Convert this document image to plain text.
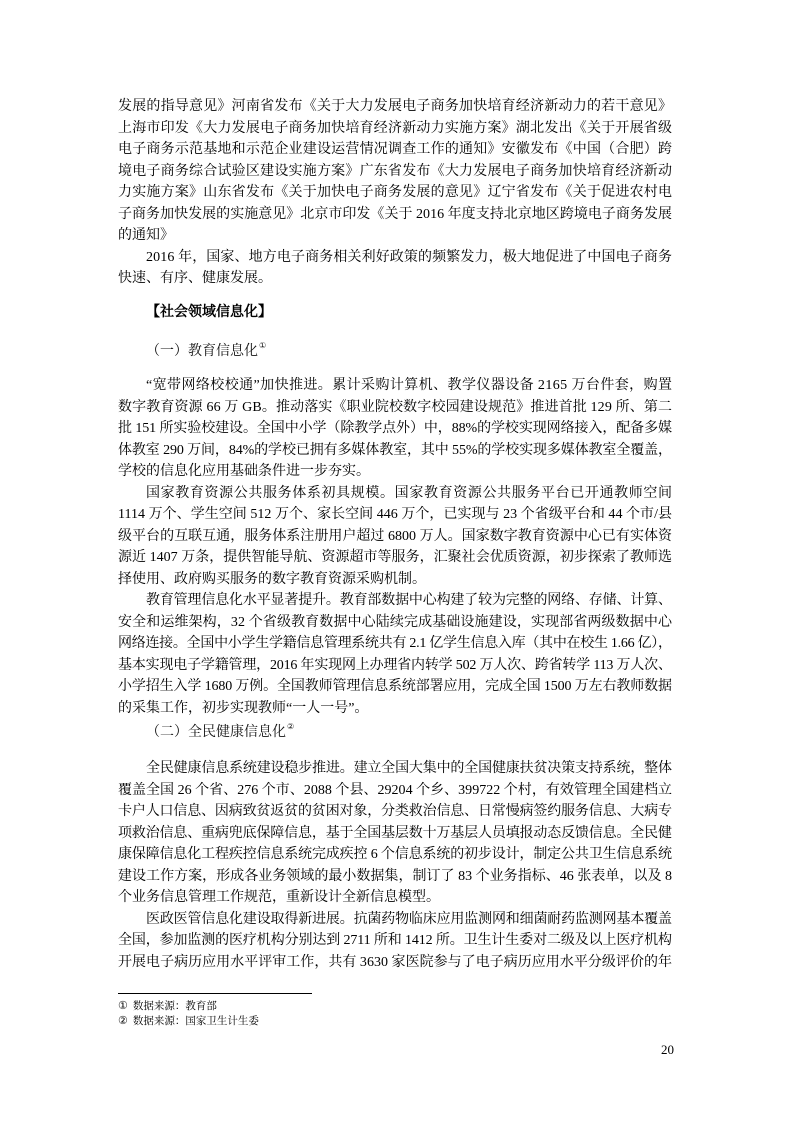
发展的指导意见》河南省发布《关于大力发展电子商务加快培育经济新动力的若干意见》
上海市印发《大力发展电子商务加快培育经济新动力实施方案》湖北发出《关于开展省级
电子商务示范基地和示范企业建设运营情况调查工作的通知》安徽发布《中国（合肥）跨
境电子商务综合试验区建设实施方案》广东省发布《大力发展电子商务加快培育经济新动
力实施方案》山东省发布《关于加快电子商务发展的意见》辽宁省发布《关于促进农村电
子商务加快发展的实施意见》北京市印发《关于 2016 年度支持北京地区跨境电子商务发展
的通知》
2016 年，国家、地方电子商务相关利好政策的频繁发力，极大地促进了中国电子商务
快速、有序、健康发展。
【社会领域信息化】
（一）教育信息化①
“宽带网络校校通”加快推进。累计采购计算机、教学仪器设备 2165 万台件套，购置
数字教育资源 66 万 GB。推动落实《职业院校数字校园建设规范》推进首批 129 所、第二
批 151 所实验校建设。全国中小学（除教学点外）中，88%的学校实现网络接入，配备多媒
体教室 290 万间，84%的学校已拥有多媒体教室，其中 55%的学校实现多媒体教室全覆盖，
学校的信息化应用基础条件进一步夯实。
国家教育资源公共服务体系初具规模。国家教育资源公共服务平台已开通教师空间
1114 万个、学生空间 512 万个、家长空间 446 万个，已实现与 23 个省级平台和 44 个市/县
级平台的互联互通，服务体系注册用户超过 6800 万人。国家数字教育资源中心已有实体资
源近 1407 万条，提供智能导航、资源超市等服务，汇聚社会优质资源，初步探索了教师选
择使用、政府购买服务的数字教育资源采购机制。
教育管理信息化水平显著提升。教育部数据中心构建了较为完整的网络、存储、计算、
安全和运维架构，32 个省级教育数据中心陆续完成基础设施建设，实现部省两级数据中心
网络连接。全国中小学生学籍信息管理系统共有 2.1 亿学生信息入库（其中在校生 1.66 亿），
基本实现电子学籍管理，2016 年实现网上办理省内转学 502 万人次、跨省转学 113 万人次、
小学招生入学 1680 万例。全国教师管理信息系统部署应用，完成全国 1500 万左右教师数据
的采集工作，初步实现教师“一人一号”。
（二）全民健康信息化②
全民健康信息系统建设稳步推进。建立全国大集中的全国健康扶贫决策支持系统，整体
覆盖全国 26 个省、276 个市、2088 个县、29204 个乡、399722 个村，有效管理全国建档立
卡户人口信息、因病致贫返贫的贫困对象，分类救治信息、日常慢病签约服务信息、大病专
项救治信息、重病兜底保障信息，基于全国基层数十万基层人员填报动态反馈信息。全民健
康保障信息化工程疾控信息系统完成疾控 6 个信息系统的初步设计，制定公共卫生信息系统
建设工作方案，形成各业务领域的最小数据集，制订了 83 个业务指标、46 张表单，以及 8
个业务信息管理工作规范，重新设计全新信息模型。
医政医管信息化建设取得新进展。抗菌药物临床应用监测网和细菌耐药监测网基本覆盖
全国，参加监测的医疗机构分别达到 2711 所和 1412 所。卫生计生委对二级及以上医疗机构
开展电子病历应用水平评审工作，共有 3630 家医院参与了电子病历应用水平分级评价的年
① 数据来源：教育部
② 数据来源：国家卫生计生委
20
